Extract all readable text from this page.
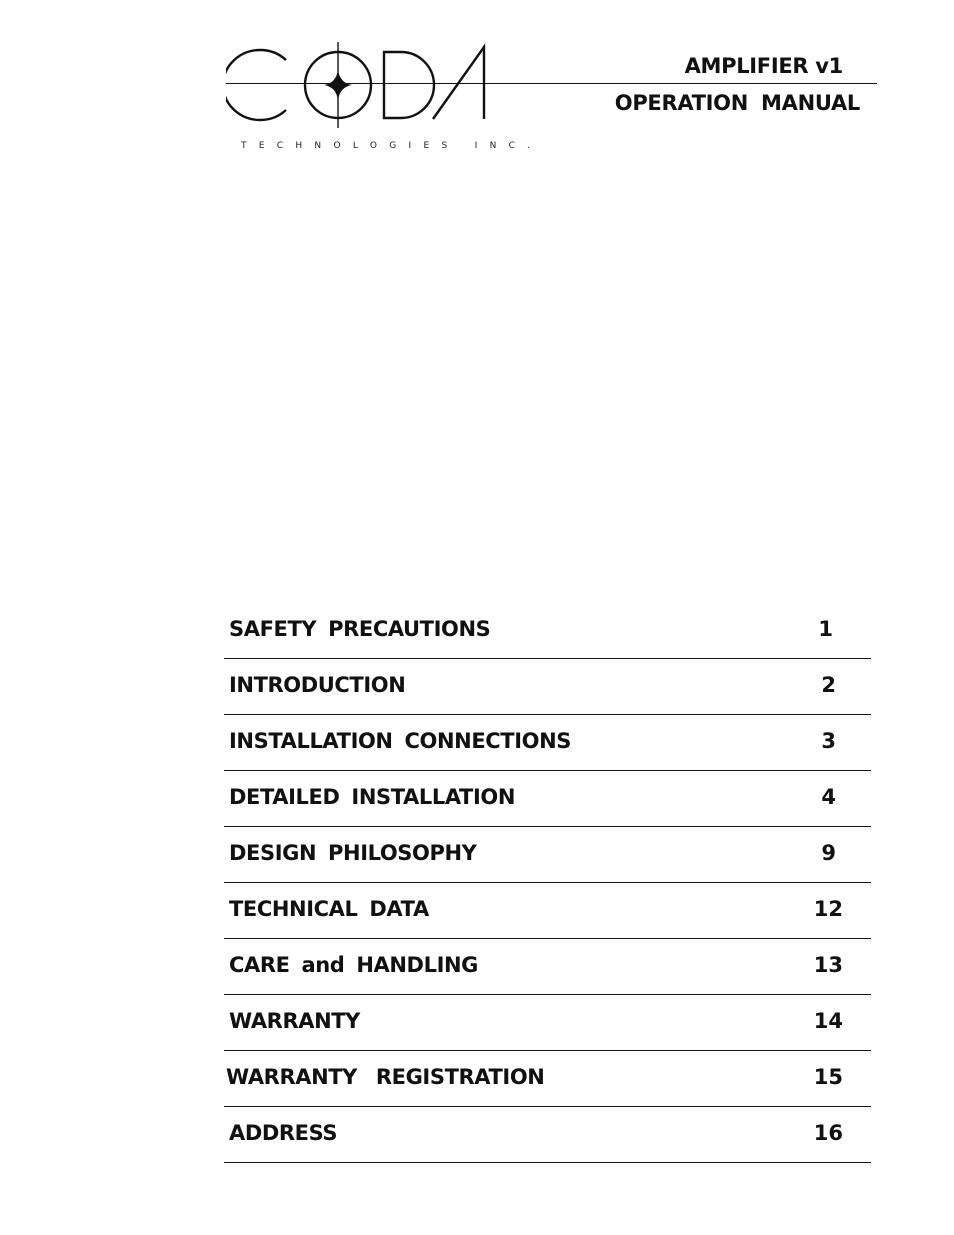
TECHNOLOGIES INC.
AMPLIFIER v1
OPERATION MANUAL
SAFETY PRECAUTIONS	1
INTRODUCTION	2
INSTALLATION CONNECTIONS	3
DETAILED INSTALLATION	4
DESIGN PHILOSOPHY	9
TECHNICAL DATA	12
CARE and HANDLING	13
WARRANTY	14
WARRANTY REGISTRATION	15
ADDRESS	16
